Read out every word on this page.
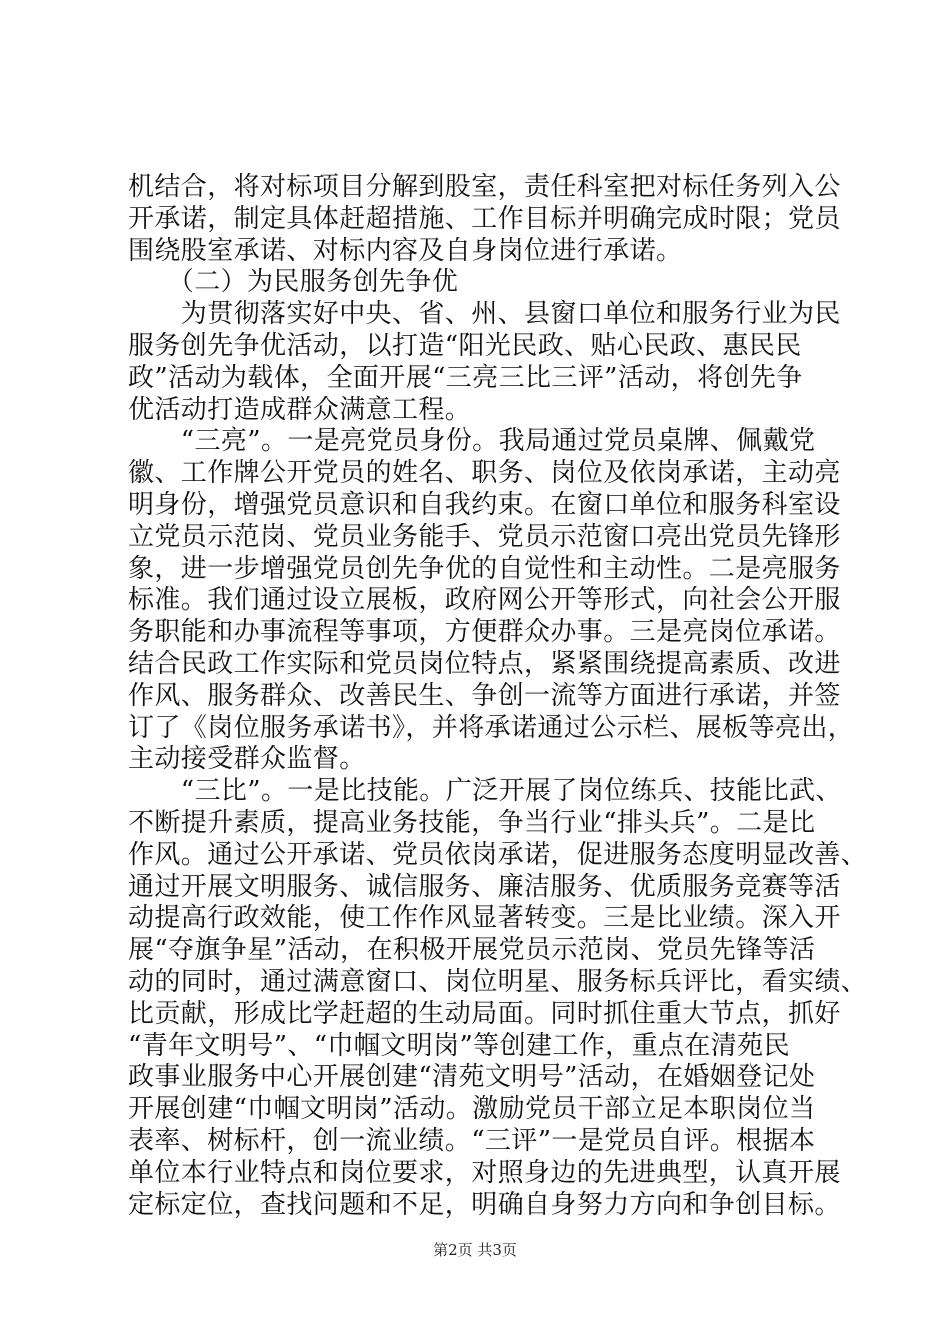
机结合，将对标项目分解到股室，责任科室把对标任务列入公
开承诺，制定具体赶超措施、工作目标并明确完成时限；党员
围绕股室承诺、对标内容及自身岗位进行承诺。
　　（二）为民服务创先争优
　　为贯彻落实好中央、省、州、县窗口单位和服务行业为民
服务创先争优活动，以打造“阳光民政、贴心民政、惠民民
政”活动为载体，全面开展“三亮三比三评”活动，将创先争
优活动打造成群众满意工程。
　　“三亮”。一是亮党员身份。我局通过党员桌牌、佩戴党
徽、工作牌公开党员的姓名、职务、岗位及依岗承诺，主动亮
明身份，增强党员意识和自我约束。在窗口单位和服务科室设
立党员示范岗、党员业务能手、党员示范窗口亮出党员先锋形
象，进一步增强党员创先争优的自觉性和主动性。二是亮服务
标准。我们通过设立展板，政府网公开等形式，向社会公开服
务职能和办事流程等事项，方便群众办事。三是亮岗位承诺。
结合民政工作实际和党员岗位特点，紧紧围绕提高素质、改进
作风、服务群众、改善民生、争创一流等方面进行承诺，并签
订了《岗位服务承诺书》，并将承诺通过公示栏、展板等亮出，
主动接受群众监督。
　　“三比”。一是比技能。广泛开展了岗位练兵、技能比武、
不断提升素质，提高业务技能，争当行业“排头兵”。二是比
作风。通过公开承诺、党员依岗承诺，促进服务态度明显改善、
通过开展文明服务、诚信服务、廉洁服务、优质服务竞赛等活
动提高行政效能，使工作作风显著转变。三是比业绩。深入开
展“夺旗争星”活动，在积极开展党员示范岗、党员先锋等活
动的同时，通过满意窗口、岗位明星、服务标兵评比，看实绩、
比贡献，形成比学赶超的生动局面。同时抓住重大节点，抓好
“青年文明号”、“巾帼文明岗”等创建工作，重点在清苑民
政事业服务中心开展创建“清苑文明号”活动，在婚姻登记处
开展创建“巾帼文明岗”活动。激励党员干部立足本职岗位当
表率、树标杆，创一流业绩。“三评”一是党员自评。根据本
单位本行业特点和岗位要求，对照身边的先进典型，认真开展
定标定位，查找问题和不足，明确自身努力方向和争创目标。
第2页 共3页
